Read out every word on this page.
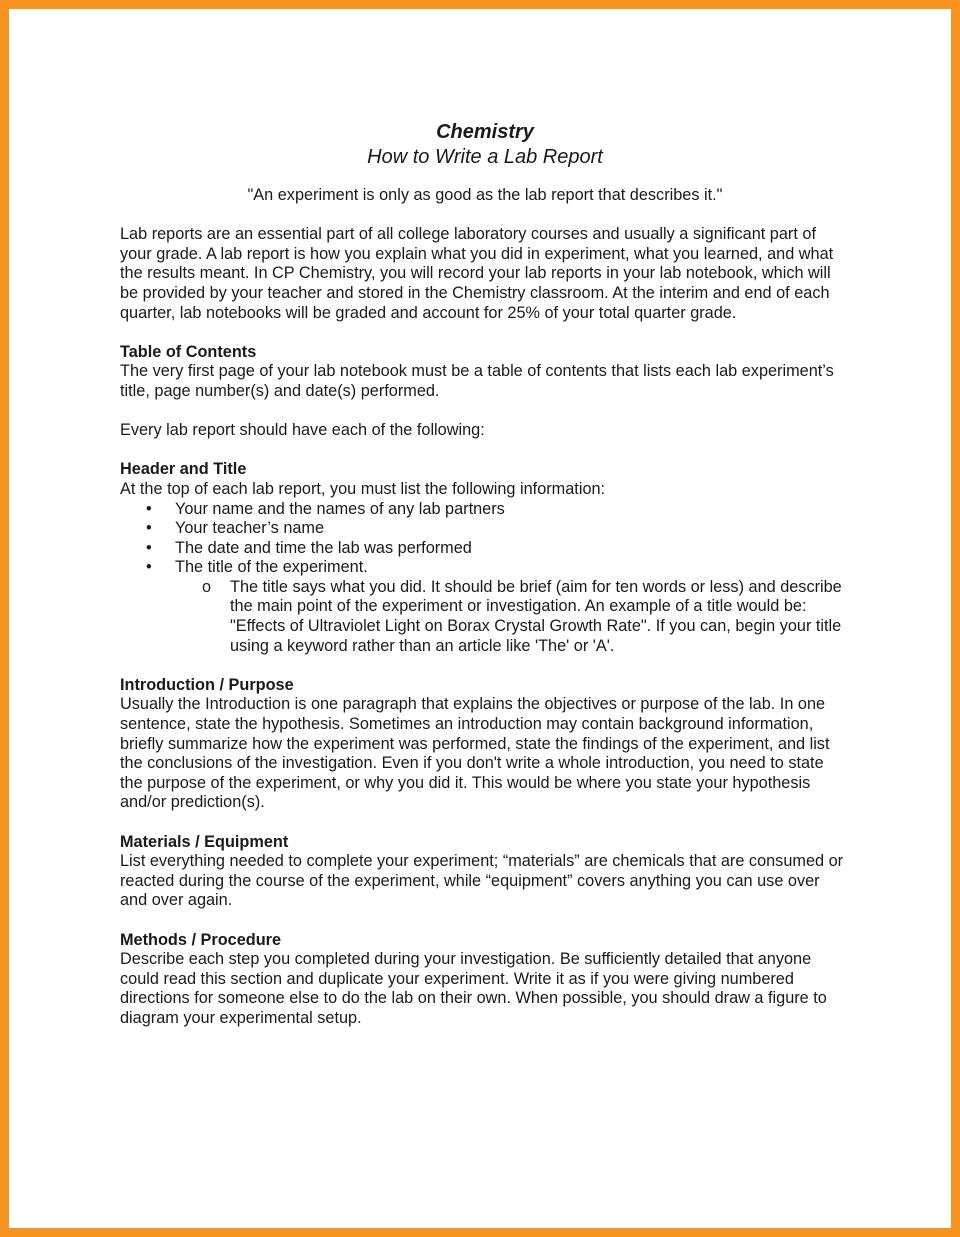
Chemistry

How to Write a Lab Report

"An experiment is only as good as the lab report that describes it."

Lab reports are an essential part of all college laboratory courses and usually a significant part of your grade. A lab report is how you explain what you did in experiment, what you learned, and what the results meant. In CP Chemistry, you will record your lab reports in your lab notebook, which will be provided by your teacher and stored in the Chemistry classroom. At the interim and end of each quarter, lab notebooks will be graded and account for 25% of your total quarter grade.

Table of Contents

The very first page of your lab notebook must be a table of contents that lists each lab experiment’s title, page number(s) and date(s) performed.

Every lab report should have each of the following:

Header and Title

At the top of each lab report, you must list the following information:

• Your name and the names of any lab partners
• Your teacher’s name
• The date and time the lab was performed
• The title of the experiment.
o The title says what you did. It should be brief (aim for ten words or less) and describe the main point of the experiment or investigation. An example of a title would be: "Effects of Ultraviolet Light on Borax Crystal Growth Rate". If you can, begin your title using a keyword rather than an article like 'The' or 'A'.

Introduction / Purpose

Usually the Introduction is one paragraph that explains the objectives or purpose of the lab. In one sentence, state the hypothesis. Sometimes an introduction may contain background information, briefly summarize how the experiment was performed, state the findings of the experiment, and list the conclusions of the investigation. Even if you don't write a whole introduction, you need to state the purpose of the experiment, or why you did it. This would be where you state your hypothesis and/or prediction(s).

Materials / Equipment

List everything needed to complete your experiment; “materials” are chemicals that are consumed or reacted during the course of the experiment, while “equipment” covers anything you can use over and over again.

Methods / Procedure

Describe each step you completed during your investigation. Be sufficiently detailed that anyone could read this section and duplicate your experiment. Write it as if you were giving numbered directions for someone else to do the lab on their own. When possible, you should draw a figure to diagram your experimental setup.
